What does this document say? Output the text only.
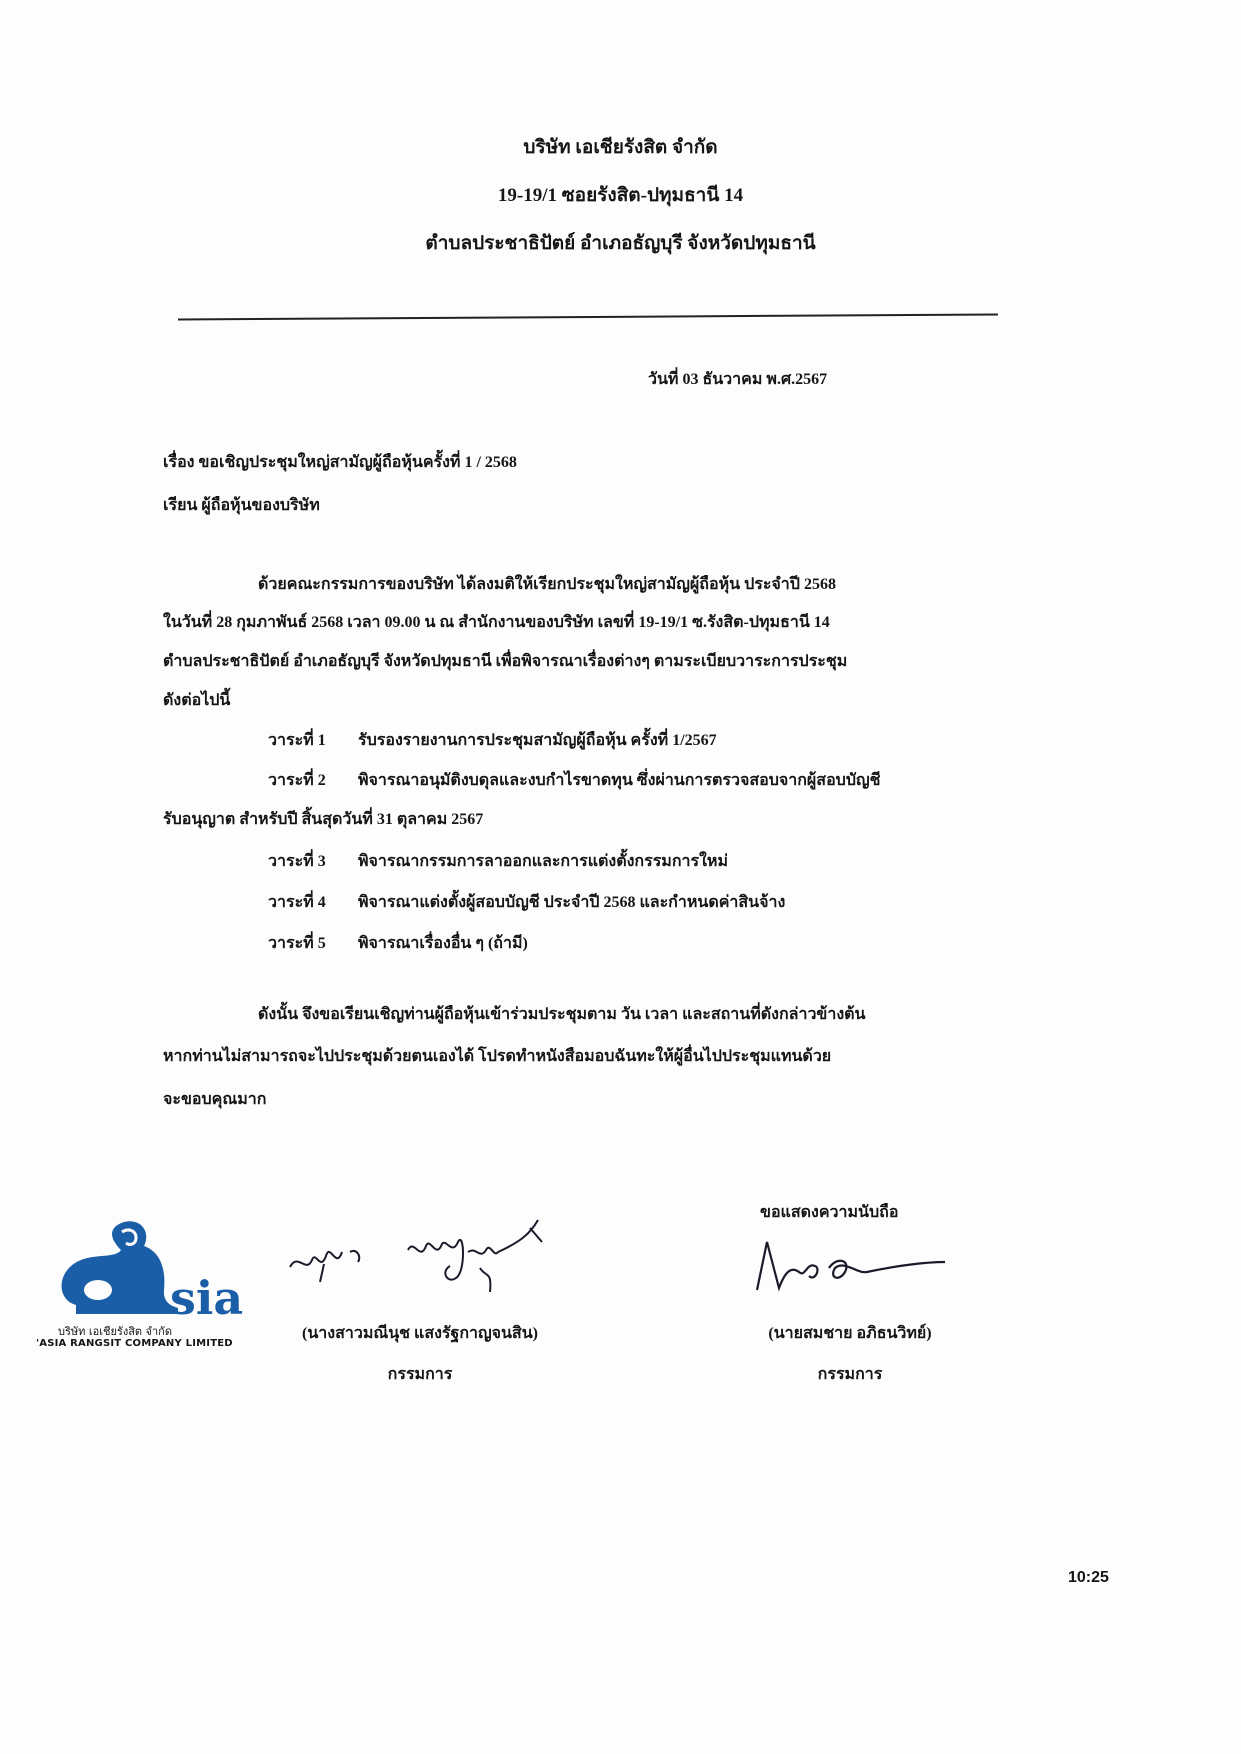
บริษัท เอเชียรังสิต จำกัด
19-19/1 ซอยรังสิต-ปทุมธานี 14
ตำบลประชาธิปัตย์ อำเภอธัญบุรี จังหวัดปทุมธานี
วันที่ 03 ธันวาคม พ.ศ.2567
เรื่อง ขอเชิญประชุมใหญ่สามัญผู้ถือหุ้นครั้งที่ 1 / 2568
เรียน ผู้ถือหุ้นของบริษัท
ด้วยคณะกรรมการของบริษัท ได้ลงมติให้เรียกประชุมใหญ่สามัญผู้ถือหุ้น ประจำปี 2568
ในวันที่ 28 กุมภาพันธ์ 2568 เวลา 09.00 น ณ สำนักงานของบริษัท เลขที่ 19-19/1 ซ.รังสิต-ปทุมธานี 14
ตำบลประชาธิปัตย์ อำเภอธัญบุรี จังหวัดปทุมธานี เพื่อพิจารณาเรื่องต่างๆ ตามระเบียบวาระการประชุม
ดังต่อไปนี้
วาระที่ 1 รับรองรายงานการประชุมสามัญผู้ถือหุ้น ครั้งที่ 1/2567
วาระที่ 2 พิจารณาอนุมัติงบดุลและงบกำไรขาดทุน ซึ่งผ่านการตรวจสอบจากผู้สอบบัญชี
รับอนุญาต สำหรับปี สิ้นสุดวันที่ 31 ตุลาคม 2567
วาระที่ 3 พิจารณากรรมการลาออกและการแต่งตั้งกรรมการใหม่
วาระที่ 4 พิจารณาแต่งตั้งผู้สอบบัญชี ประจำปี 2568 และกำหนดค่าสินจ้าง
วาระที่ 5 พิจารณาเรื่องอื่น ๆ (ถ้ามี)
ดังนั้น จึงขอเรียนเชิญท่านผู้ถือหุ้นเข้าร่วมประชุมตาม วัน เวลา และสถานที่ดังกล่าวข้างต้น
หากท่านไม่สามารถจะไปประชุมด้วยตนเองได้ โปรดทำหนังสือมอบฉันทะให้ผู้อื่นไปประชุมแทนด้วย
จะขอบคุณมาก
ขอแสดงความนับถือ
sia
บริษัท เอเชียรังสิต จำกัด
'ASIA RANGSIT COMPANY LIMITED
(นางสาวมณีนุช แสงรัฐกาญจนสิน)
กรรมการ
(นายสมชาย อภิธนวิทย์)
กรรมการ
10:25
